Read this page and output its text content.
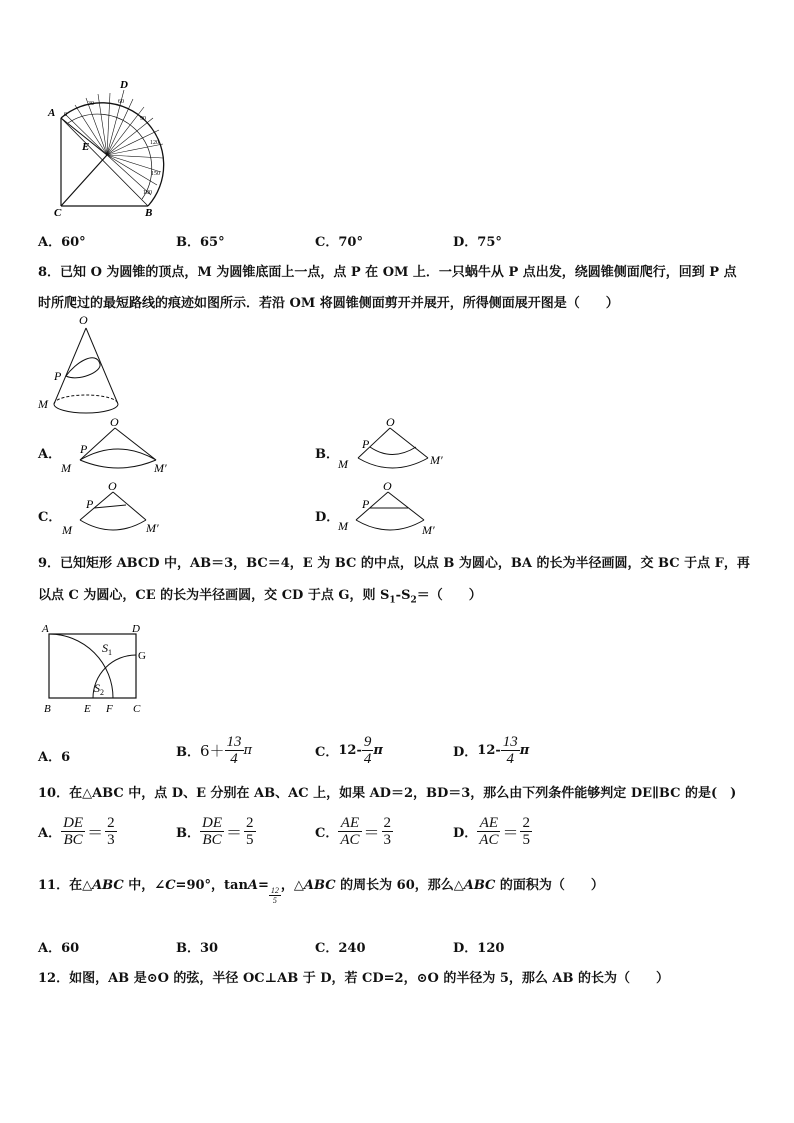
0
30	60
90
120
150
180
A
D
E
C	B
A．60°	B．65°	C．70°	D．75°
8．已知 O 为圆锥的顶点，M 为圆锥底面上一点，点 P 在 OM 上．一只蜗牛从 P 点出发，绕圆锥侧面爬行，回到 P 点
时所爬过的最短路线的痕迹如图所示．若沿 OM 将圆锥侧面剪开并展开，所得侧面展开图是（　　）
O
P
M
A．
O
P
M	M′
B．
O
P
M	M′
C．
O
P
M	M′
D．
O
P
M	M′
9．已知矩形 ABCD 中，AB＝3，BC＝4，E 为 BC 的中点，以点 B 为圆心，BA 的长为半径画圆，交 BC 于点 F，再
以点 C 为圆心，CE 的长为半径画圆，交 CD 于点 G，则 $S_1-S_2=$（　　）
A	D
G
B	E F C
$S_1$
$S_2$
A．6	B．$6+ \frac{13}{4}$ π	C．$12- \frac{9}{4}$ π	D．$12- \frac{13}{4}$ π
10．在△ABC 中，点 D、E 分别在 AB、AC 上，如果 AD＝2，BD＝3，那么由下列条件能够判定 DE∥BC 的是(　)
A． $\frac{DE}{BC} = \frac{2}{3}$	B． $\frac{DE}{BC} = \frac{2}{5}$	C． $\frac{AE}{AC} = \frac{2}{3}$	D． $\frac{AE}{AC} = \frac{2}{5}$
11．在△ABC 中，∠C=90°，tanA=
$\frac{12}{5}$
，△ABC 的周长为 60，那么△ABC 的面积为（　　）
A．60	B．30	C．240	D．120
12．如图，AB 是⊙O 的弦，半径 OC⊥AB 于 D，若 CD=2，⊙O 的半径为 5，那么 AB 的长为（　　）
